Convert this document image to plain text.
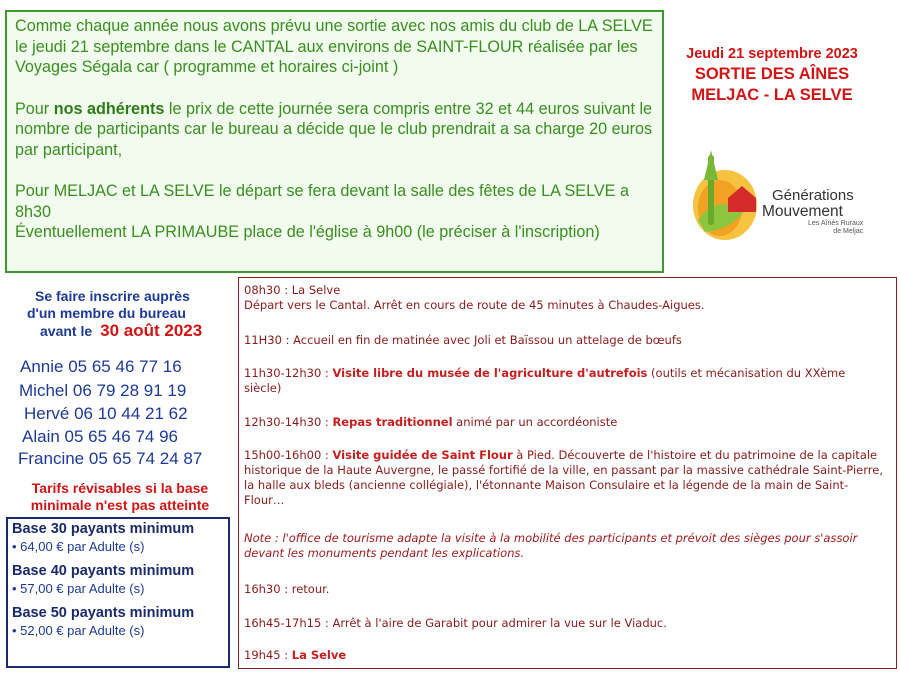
Comme chaque année nous avons prévu une sortie avec nos amis du club de LA SELVE le jeudi 21 septembre dans le CANTAL aux environs de SAINT-FLOUR réalisée par les Voyages Ségala car ( programme et horaires ci-joint )

Pour nos adhérents le prix de cette journée sera compris entre 32 et 44 euros suivant le nombre de participants car le bureau a décide que le club prendrait a sa charge 20 euros par participant,

Pour MELJAC et LA SELVE le départ se fera devant la salle des fêtes de LA SELVE a 8h30
Éventuellement LA PRIMAUBE place de l'église à 9h00 (le préciser à l'inscription)

Jeudi 21 septembre 2023
SORTIE DES AÎNES
MELJAC - LA SELVE
Générations
Mouvement
Les Aînés Ruraux
de Meljac
Se faire inscrire auprès
d'un membre du bureau
avant le 30 août 2023
Annie 05 65 46 77 16
Michel 06 79 28 91 19
Hervé 06 10 44 21 62
Alain 05 65 46 74 96
Francine 05 65 74 24 87
Tarifs révisables si la base
minimale n'est pas atteinte
Base 30 payants minimum
• 64,00 € par Adulte (s)
Base 40 payants minimum
• 57,00 € par Adulte (s)
Base 50 payants minimum
• 52,00 € par Adulte (s)
08h30 : La Selve
Départ vers le Cantal. Arrêt en cours de route de 45 minutes à Chaudes-Aigues.
11H30 : Accueil en fin de matinée avec Joli et Baïssou un attelage de bœufs
11h30-12h30 : Visite libre du musée de l'agriculture d'autrefois (outils et mécanisation du XXème siècle)
12h30-14h30 : Repas traditionnel animé par un accordéoniste
15h00-16h00 : Visite guidée de Saint Flour à Pied. Découverte de l'histoire et du patrimoine de la capitale historique de la Haute Auvergne, le passé fortifié de la ville, en passant par la massive cathédrale Saint-Pierre, la halle aux bleds (ancienne collégiale), l'étonnante Maison Consulaire et la légende de la main de Saint-Flour…
Note : l'office de tourisme adapte la visite à la mobilité des participants et prévoit des sièges pour s'assoir devant les monuments pendant les explications.
16h30 : retour.
16h45-17h15 : Arrêt à l'aire de Garabit pour admirer la vue sur le Viaduc.
19h45 : La Selve
